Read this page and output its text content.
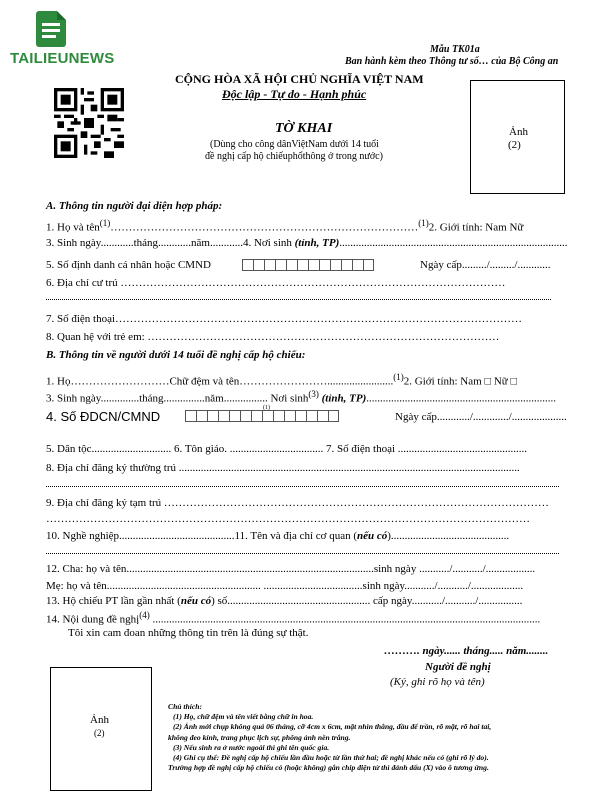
TAILIEUNEWS
Mẫu TK01a
Ban hành kèm theo Thông tư số… của Bộ Công an
CỘNG HÒA XÃ HỘI CHỦ NGHĨA VIỆT NAM
Độc lập - Tự do - Hạnh phúc
TỜ KHAI
(Dùng cho công dânViệtNam dưới 14 tuổi
đề nghị cấp hộ chiếuphổthông ở trong nước)
Ảnh
(2)
A. Thông tin người đại diện hợp pháp:
1. Họ và tên$^{(1)}$…………………………………………………………………………$^{(1)}$2. Giới tính: Nam Nữ
3. Sinh ngày............tháng............năm............4. Nơi sinh (tỉnh, TP)...................................................................................
5. Số định danh cá nhân hoặc CMND	Ngày cấp........./........./............
6. Địa chỉ cư trú ……………………………………………………………………………………………
7. Số điện thoại…………………………………………………………………………………………………
8. Quan hệ với trẻ em: ……………………………………………………………………………………
B. Thông tin về người dưới 14 tuổi đề nghị cấp hộ chiếu:
1. Họ………………………Chữ đệm và tên……………………........................$^{(1)}$2. Giới tính: Nam □ Nữ □
3. Sinh ngày..............tháng...............năm................ Nơi $\sinh^{(3)}$ (tỉnh, TP).....................................................................
4. Số ĐDCN/CMND
(1)
Ngày cấp............/............./....................
5. Dân tộc............................. 6. Tôn giáo. .................................. 7. Số điện thoại ...............................................
8. Địa chỉ đăng ký thường trú ............................................................................................................................
9. Địa chỉ đăng ký tạm trú ……………………………………………………………………………………………
……………………………………………………………………………………………………………………
10. Nghề nghiệp..........................................11. Tên và địa chỉ cơ quan (nếu có)...........................................
12. Cha: họ và tên..........................................................................................sinh ngày .........../.........../..................
Mẹ: họ và tên........................................................ ....................................sinh ngày.........../.........../...................
13. Hộ chiếu PT lần gần nhất (nếu có) số.................................................... cấp ngày.........../.........../................
14. Nội dung đề nghị$^{(4)}$ .............................................................................................................................................
Tôi xin cam đoan những thông tin trên là đúng sự thật.
………. ngày...... tháng..... năm........
Người đề nghị
(Ký, ghi rõ họ và tên)
Ảnh
(2)
Chú thích:
(1) Họ, chữ đệm và tên viết bằng chữ in hoa.
(2) Ảnh mới chụp không quá 06 tháng, cỡ 4cm x 6cm, mặt nhìn thẳng, đầu để trần, rõ mặt, rõ hai tai,
không đeo kính, trang phục lịch sự, phông ảnh nền trắng.
(3) Nếu sinh ra ở nước ngoài thì ghi tên quốc gia.
(4) Ghi cụ thể: Đề nghị cấp hộ chiếu lần đầu hoặc từ lần thứ hai; đề nghị khác nếu có (ghi rõ lý do).
Trường hợp đề nghị cấp hộ chiếu có (hoặc không) gắn chip điện tử thì đánh dấu (X) vào ô tương ứng.
